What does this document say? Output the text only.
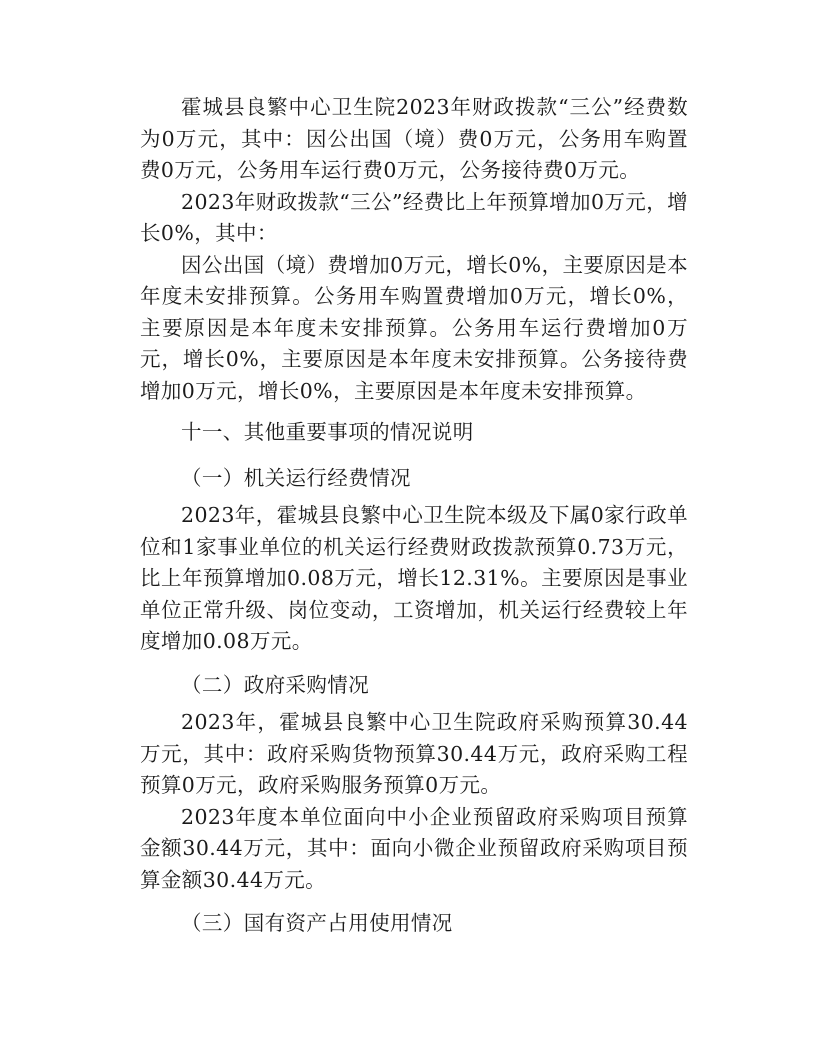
霍城县良繁中心卫生院2023年财政拨款“三公”经费数为0万元，其中：因公出国（境）费0万元，公务用车购置费0万元，公务用车运行费0万元，公务接待费0万元。

2023年财政拨款“三公”经费比上年预算增加0万元，增长0%，其中：

因公出国（境）费增加0万元，增长0%，主要原因是本年度未安排预算。公务用车购置费增加0万元，增长0%，主要原因是本年度未安排预算。公务用车运行费增加0万元，增长0%，主要原因是本年度未安排预算。公务接待费增加0万元，增长0%，主要原因是本年度未安排预算。

十一、其他重要事项的情况说明

（一）机关运行经费情况

2023年，霍城县良繁中心卫生院本级及下属0家行政单位和1家事业单位的机关运行经费财政拨款预算0.73万元，比上年预算增加0.08万元，增长12.31%。主要原因是事业单位正常升级、岗位变动，工资增加，机关运行经费较上年度增加0.08万元。

（二）政府采购情况

2023年，霍城县良繁中心卫生院政府采购预算30.44万元，其中：政府采购货物预算30.44万元，政府采购工程预算0万元，政府采购服务预算0万元。

2023年度本单位面向中小企业预留政府采购项目预算金额30.44万元，其中：面向小微企业预留政府采购项目预算金额30.44万元。

（三）国有资产占用使用情况
